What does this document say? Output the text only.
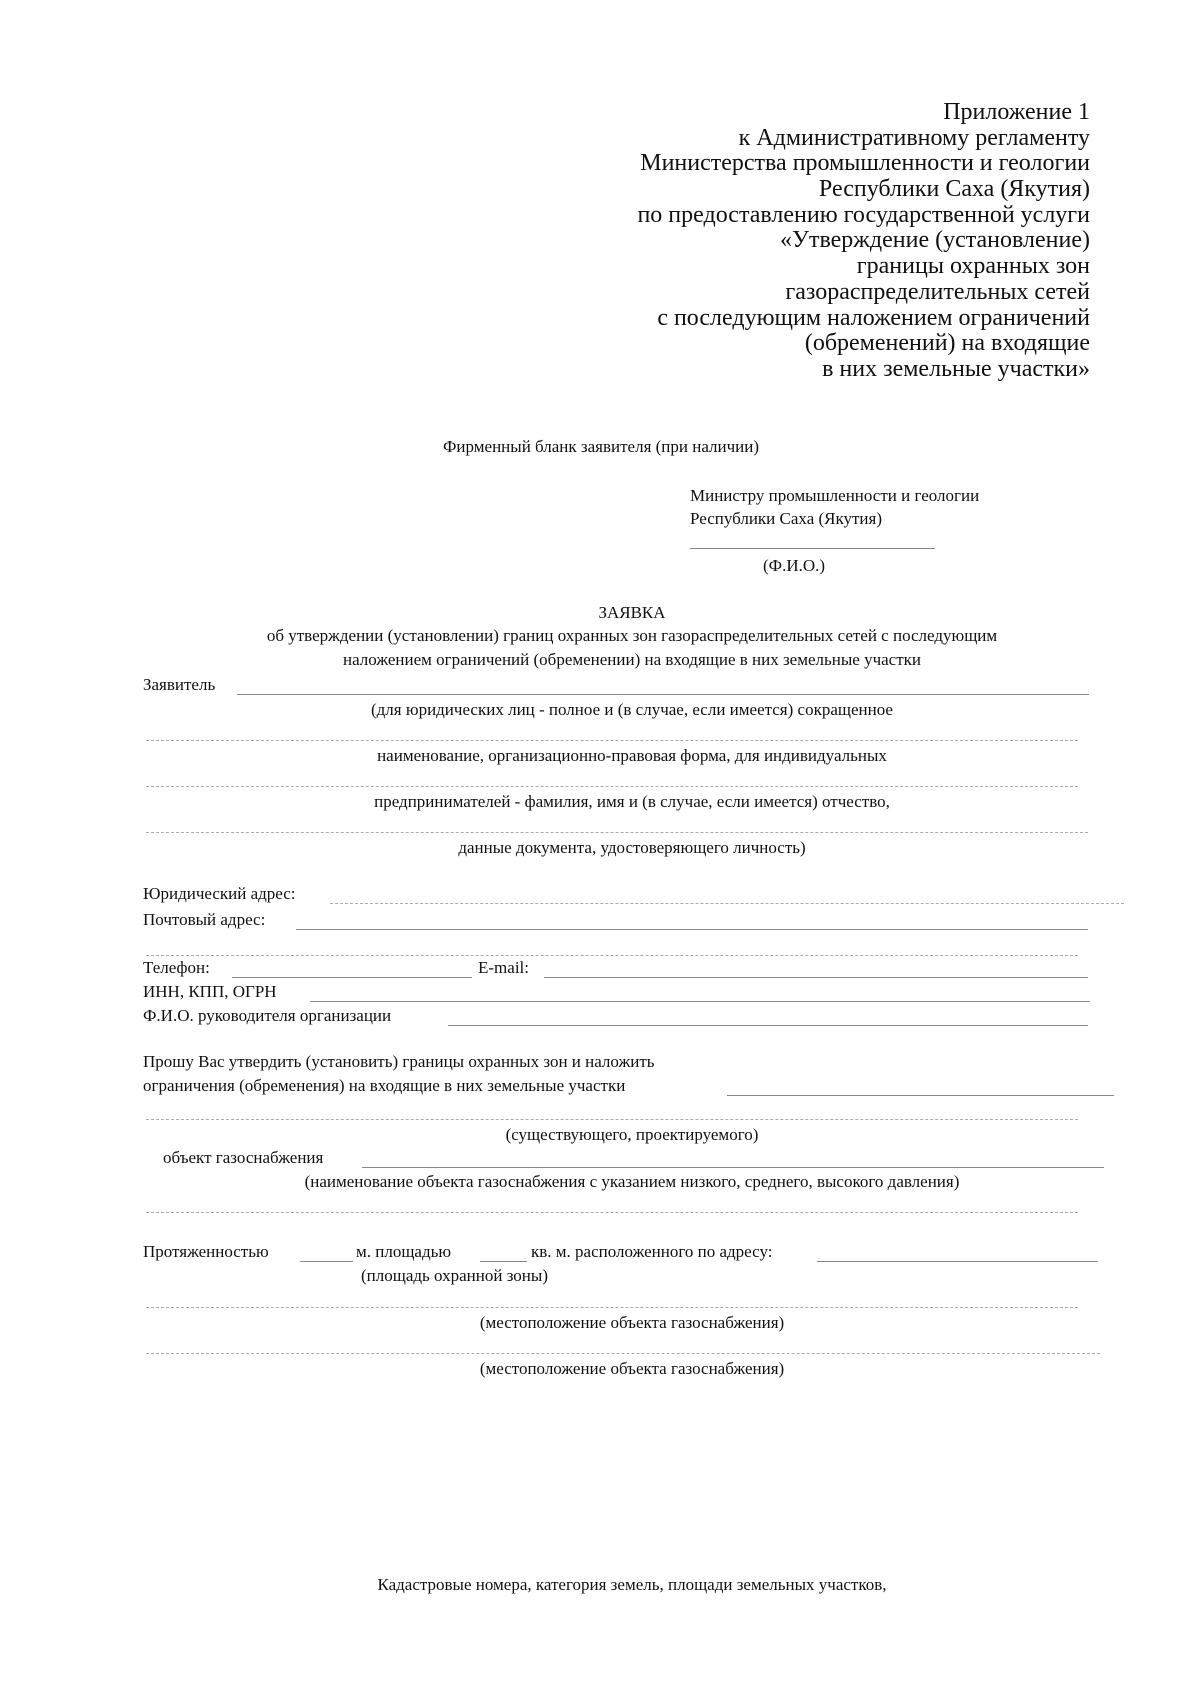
Приложение 1
к Административному регламенту
Министерства промышленности и геологии
Республики Саха (Якутия)
по предоставлению государственной услуги
«Утверждение (установление)
границы охранных зон
газораспределительных сетей
с последующим наложением ограничений
(обременений) на входящие
в них земельные участки»
Фирменный бланк заявителя (при наличии)
Министру промышленности и геологии
Республики Саха (Якутия)
(Ф.И.О.)
ЗАЯВКА
об утверждении (установлении) границ охранных зон газораспределительных сетей с последующим
наложением ограничений (обременении) на входящие в них земельные участки
Заявитель
(для юридических лиц - полное и (в случае, если имеется) сокращенное
наименование, организационно-правовая форма, для индивидуальных
предпринимателей - фамилия, имя и (в случае, если имеется) отчество,
данные документа, удостоверяющего личность)
Юридический адрес:
Почтовый адрес:
Телефон:	E-mail:
ИНН, КПП, ОГРН
Ф.И.О. руководителя организации
Прошу Вас утвердить (установить) границы охранных зон и наложить
ограничения (обременения) на входящие в них земельные участки
(существующего, проектируемого)
объект газоснабжения
(наименование объекта газоснабжения с указанием низкого, среднего, высокого давления)
Протяженностью	м. площадью	кв. м. расположенного по адресу:
(площадь охранной зоны)
(местоположение объекта газоснабжения)
(местоположение объекта газоснабжения)
Кадастровые номера, категория земель, площади земельных участков,
